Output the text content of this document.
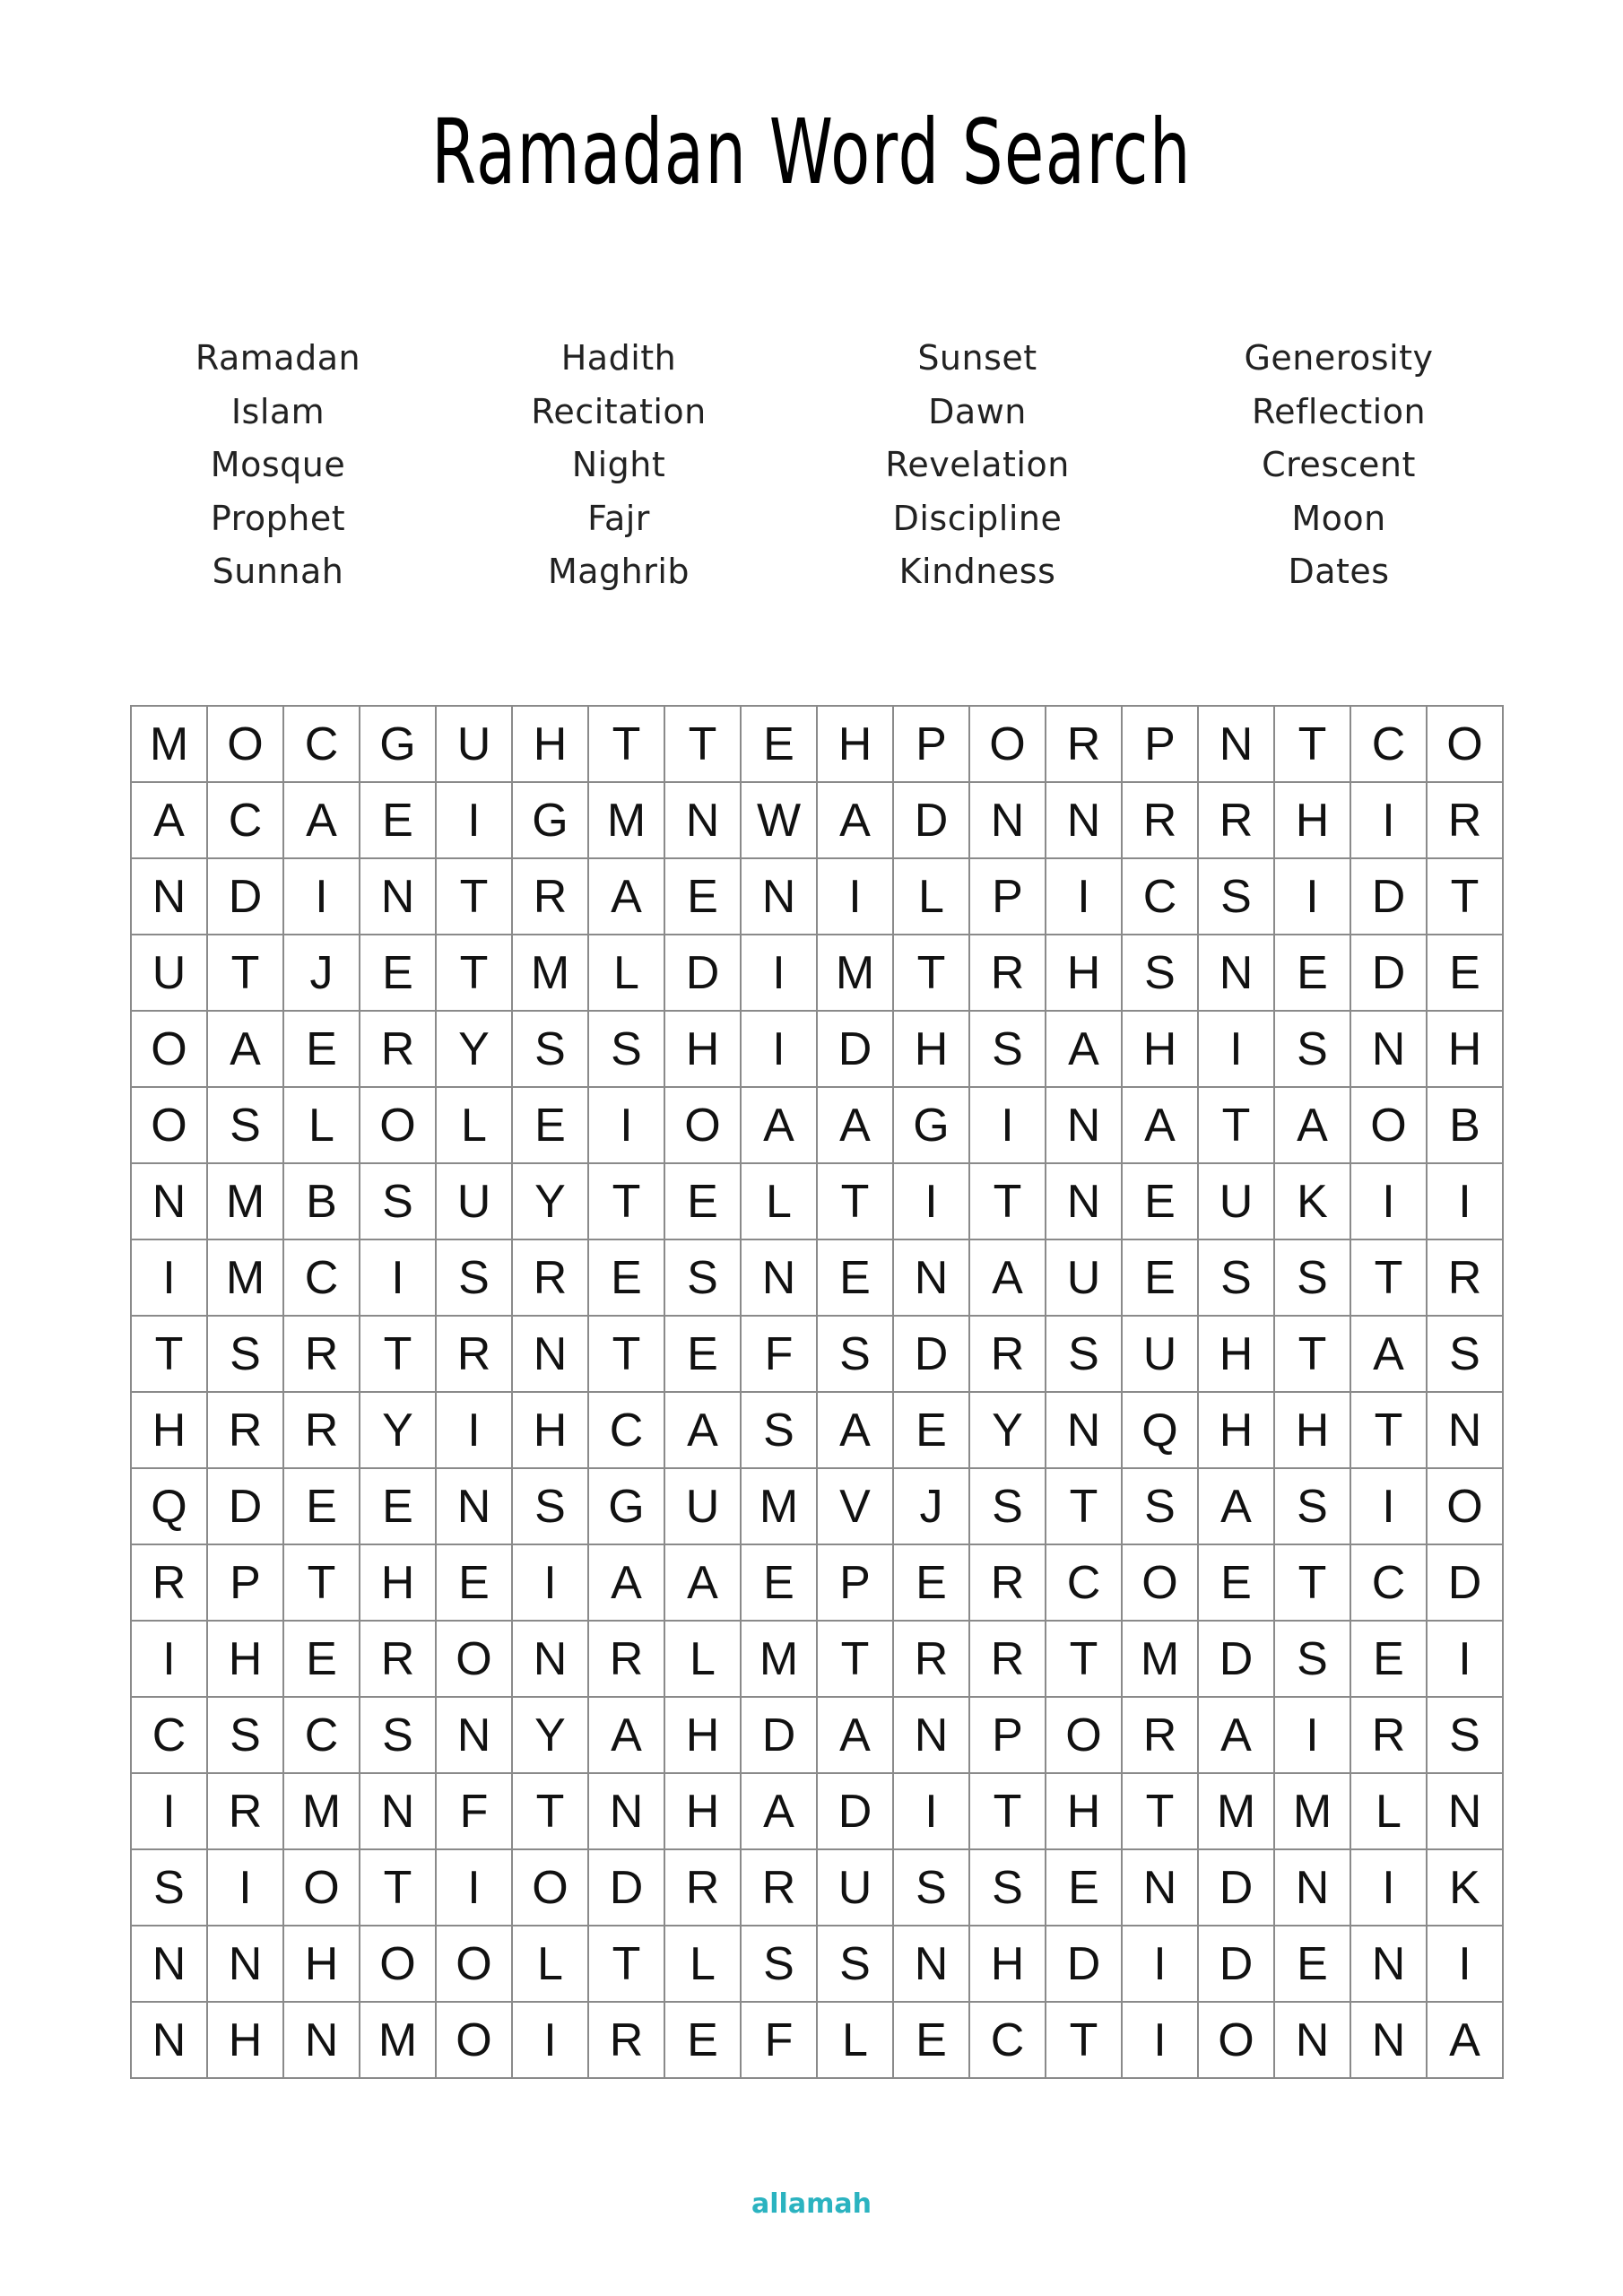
Ramadan Word Search
Ramadan
Islam
Mosque
Prophet
Sunnah
Hadith
Recitation
Night
Fajr
Maghrib
Sunset
Dawn
Revelation
Discipline
Kindness
Generosity
Reflection
Crescent
Moon
Dates
M O C G U H T	T E H P O R P N T C O
A C A E	I	G M N W A D N N R R H	I	R
N D	I	N T R A E N	I	L	P	I	C S	I	D T
U T	J	E T M L D	I	M T R H S N E D E
O A E R Y S S H	I	D H S A H	I	S N H
O S	L O L	E	I	O A A G	I	N A T A O B
N M B S U Y T E	L	T	I	T N E U K	I	I
I	M C	I	S R E S N E N A U E S S T R
T S R T R N T E F S D R S U H T A S
H R R Y	I	H C A S A E Y N Q H H T N
Q D E E N S G U M V	J	S T S A S	I	O
R P T H E	I	A A E P E R C O E T C D
I	H E R O N R L M T R R T M D S E	I
C S C S N Y A H D A N P O R A	I	R S
I	R M N F	T N H A D	I	T H T M M L N
S	I	O T	I	O D R R U S S E N D N	I	K
N N H O O L	T	L	S S N H D	I	D E N	I
N H N M O	I	R E F	L	E C T	I	O N N A
allamah
